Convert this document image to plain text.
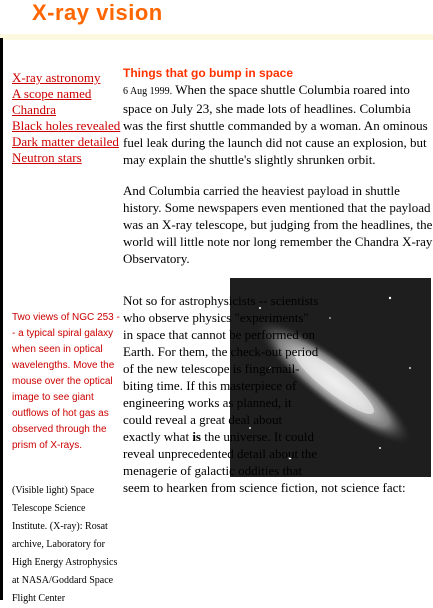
X-ray vision
X-ray astronomy
A scope named Chandra
Black holes revealed
Dark matter detailed
Neutron stars
Two views of NGC 253 -- a typical spiral galaxy when seen in optical wavelengths. Move the mouse over the optical image to see giant outflows of hot gas as observed through the prism of X-rays.
(Visible light) Space Telescope Science Institute. (X-ray): Rosat archive, Laboratory for High Energy Astrophysics at NASA/Goddard Space Flight Center
Things that go bump in space

6 Aug 1999. When the space shuttle Columbia roared into space on July 23, she made lots of headlines. Columbia was the first shuttle commanded by a woman. An ominous fuel leak during the launch did not cause an explosion, but may explain the shuttle's slightly shrunken orbit.

And Columbia carried the heaviest payload in shuttle history. Some newspapers even mentioned that the payload was an X-ray telescope, but judging from the headlines, the world will little note nor long remember the Chandra X-ray Observatory.

Not so for astrophysicists -- scientists who observe physics "experiments" in space that cannot be performed on Earth. For them, the check-out period of the new telescope is fingernail-biting time. If this masterpiece of engineering works as planned, it could reveal a great deal about exactly what is the universe. It could reveal unprecedented detail about the menagerie of galactic oddities that seem to hearken from science fiction, not science fact:
